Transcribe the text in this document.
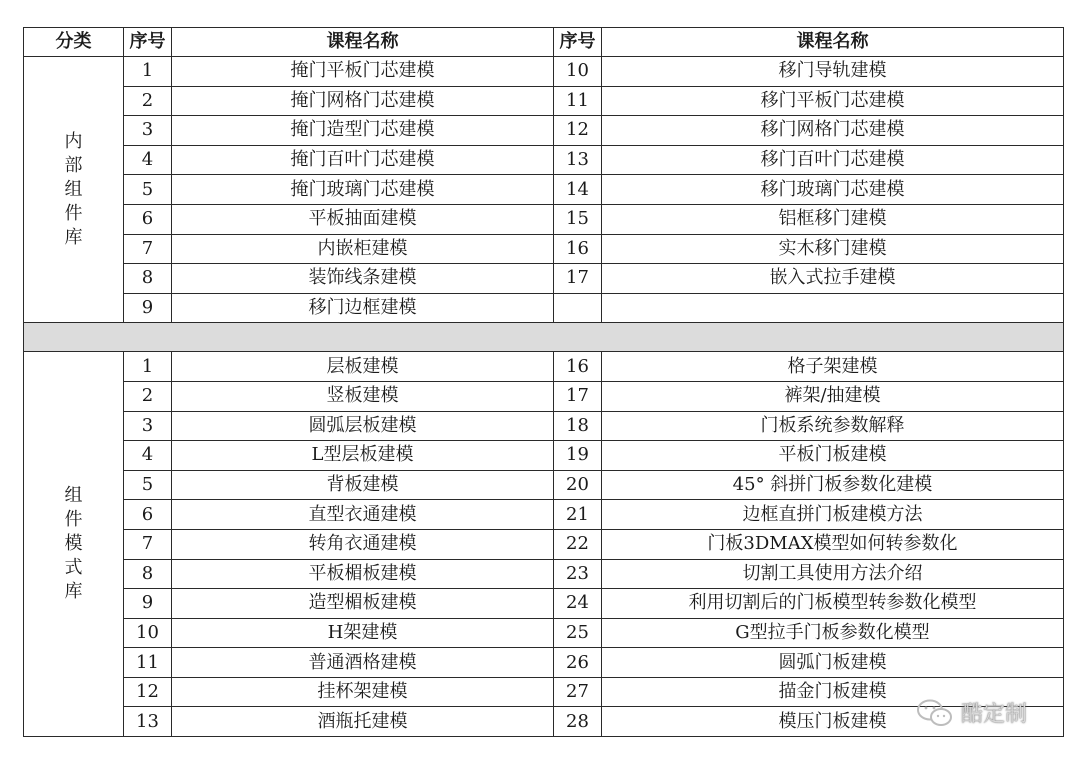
分类	序号	课程名称	序号	课程名称
内部组件库	1	掩门平板门芯建模	10	移门导轨建模
	2	掩门网格门芯建模	11	移门平板门芯建模
	3	掩门造型门芯建模	12	移门网格门芯建模
	4	掩门百叶门芯建模	13	移门百叶门芯建模
	5	掩门玻璃门芯建模	14	移门玻璃门芯建模
	6	平板抽面建模	15	铝框移门建模
	7	内嵌柜建模	16	实木移门建模
	8	装饰线条建模	17	嵌入式拉手建模
	9	移门边框建模		

组件模式库	1	层板建模	16	格子架建模
	2	竖板建模	17	裤架/抽建模
	3	圆弧层板建模	18	门板系统参数解释
	4	L型层板建模	19	平板门板建模
	5	背板建模	20	45° 斜拼门板参数化建模
	6	直型衣通建模	21	边框直拼门板建模方法
	7	转角衣通建模	22	门板3DMAX模型如何转参数化
	8	平板楣板建模	23	切割工具使用方法介绍
	9	造型楣板建模	24	利用切割后的门板模型转参数化模型
	10	H架建模	25	G型拉手门板参数化模型
	11	普通酒格建模	26	圆弧门板建模
	12	挂杯架建模	27	描金门板建模
	13	酒瓶托建模	28	模压门板建模	酷定制
